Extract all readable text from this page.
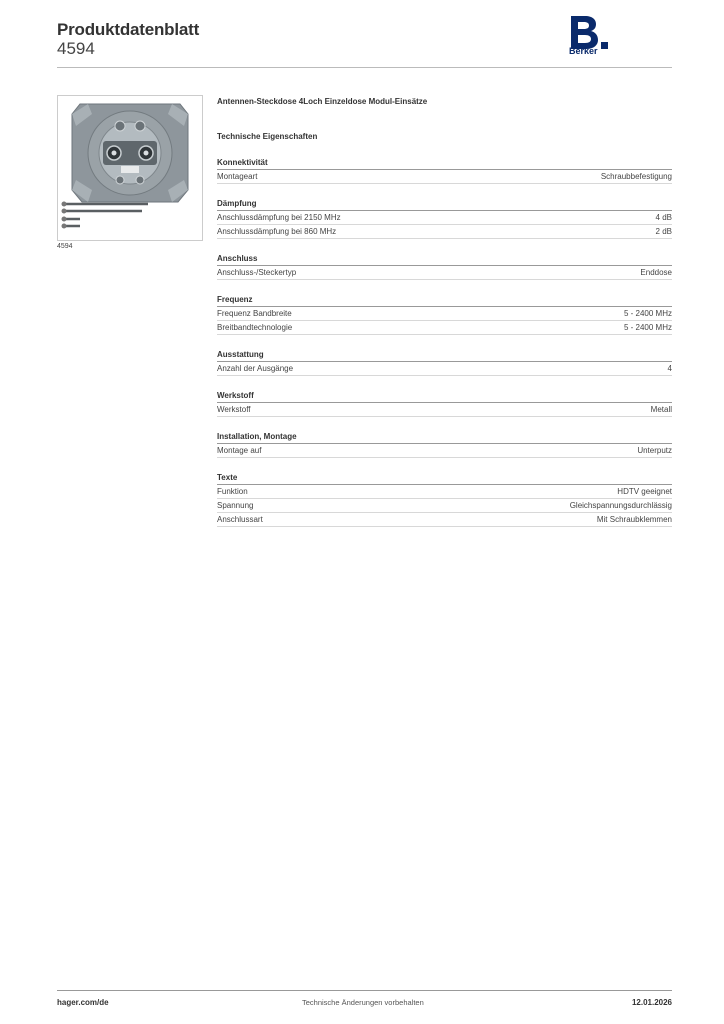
Produktdatenblatt
4594	Berker
4594
Antennen-Steckdose 4Loch Einzeldose Modul-Einsätze
Technische Eigenschaften
Konnektivität
Montageart	Schraubbefestigung
Dämpfung
Anschlussdämpfung bei 2150 MHz	4 dB
Anschlussdämpfung bei 860 MHz	2 dB
Anschluss
Anschluss-/Steckertyp	Enddose
Frequenz
Frequenz Bandbreite	5 - 2400 MHz
Breitbandtechnologie	5 - 2400 MHz
Ausstattung
Anzahl der Ausgänge	4
Werkstoff
Werkstoff	Metall
Installation, Montage
Montage auf	Unterputz
Texte
Funktion	HDTV geeignet
Spannung	Gleichspannungsdurchlässig
Anschlussart	Mit Schraubklemmen
hager.com/de	Technische Änderungen vorbehalten	12.01.2026
